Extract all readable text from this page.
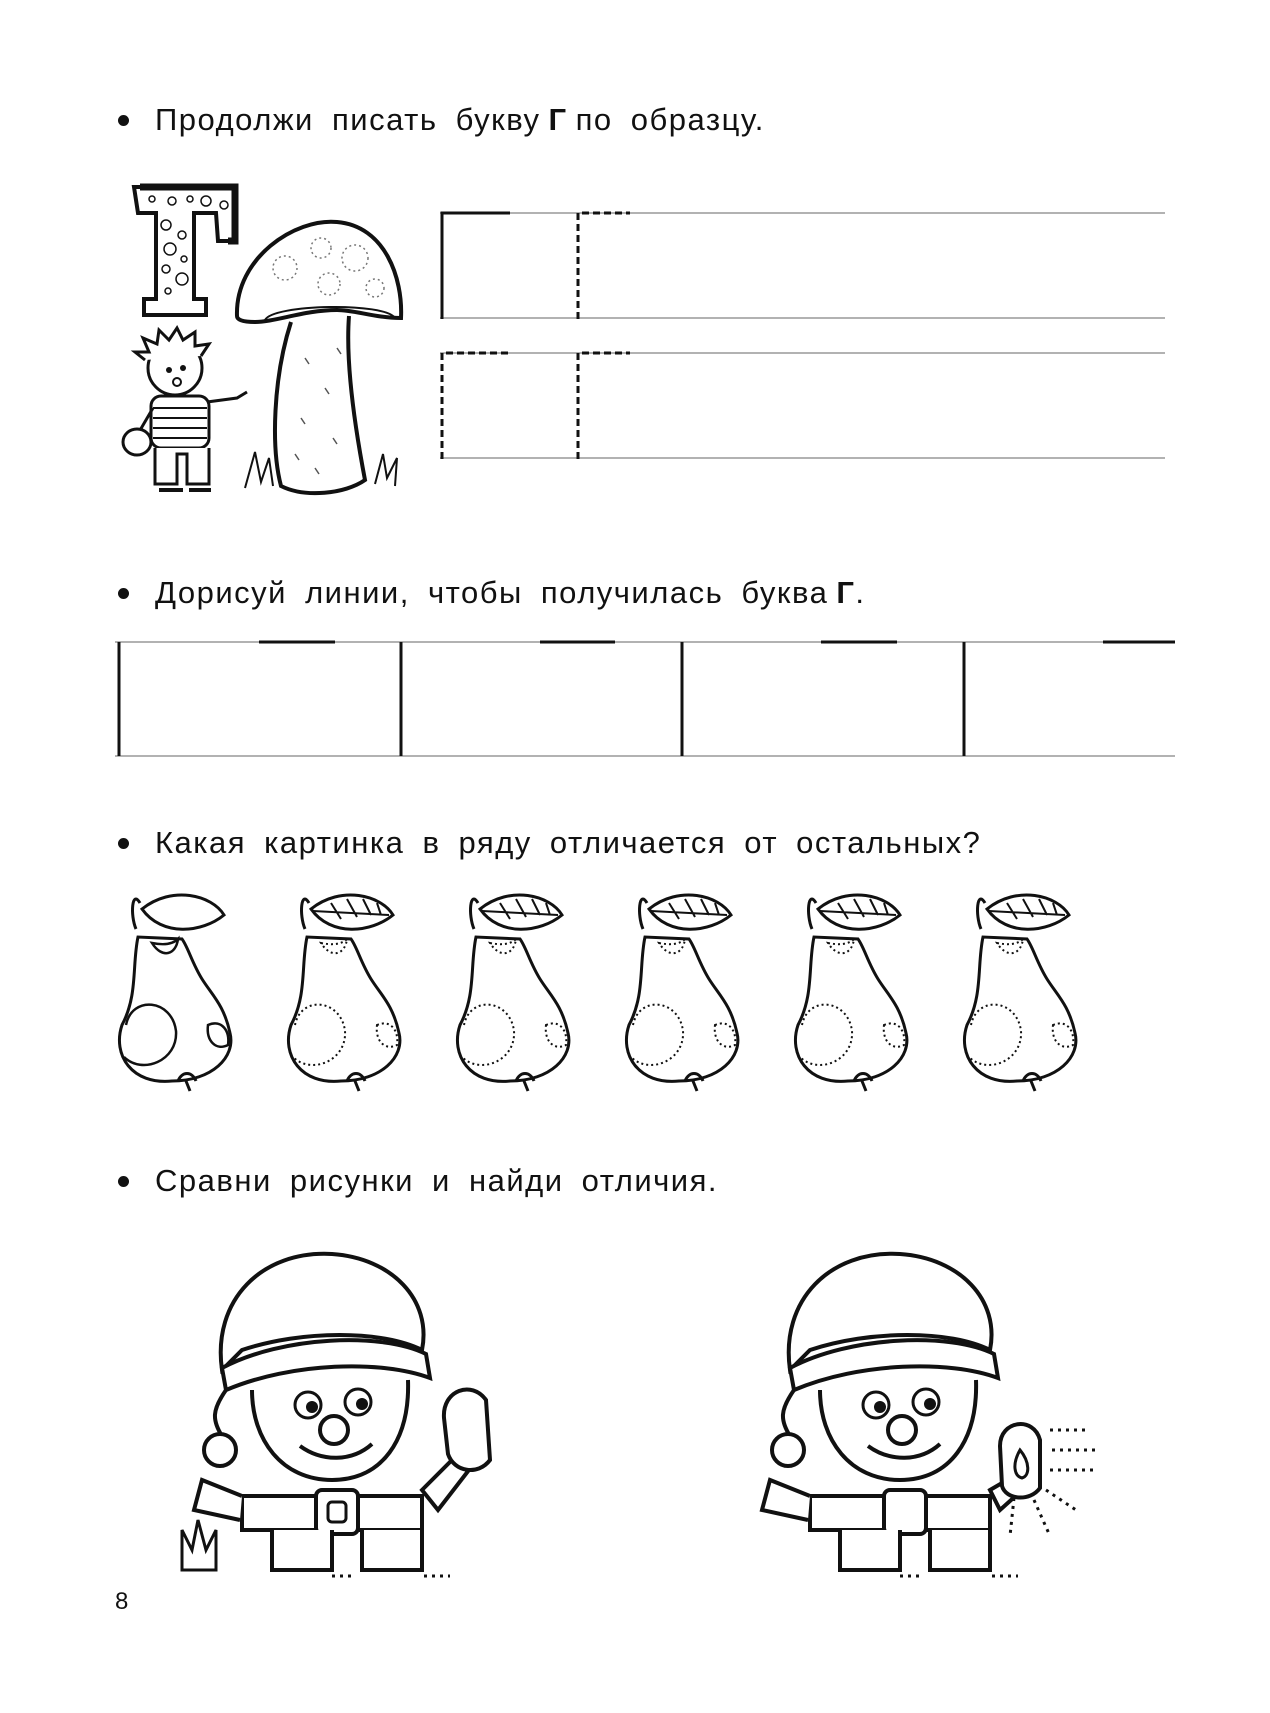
Продолжи писать букву Г по образцу.
Дорисуй линии, чтобы получилась буква Г .
Какая картинка в ряду отличается от остальных?
Сравни рисунки и найди отличия.
8
